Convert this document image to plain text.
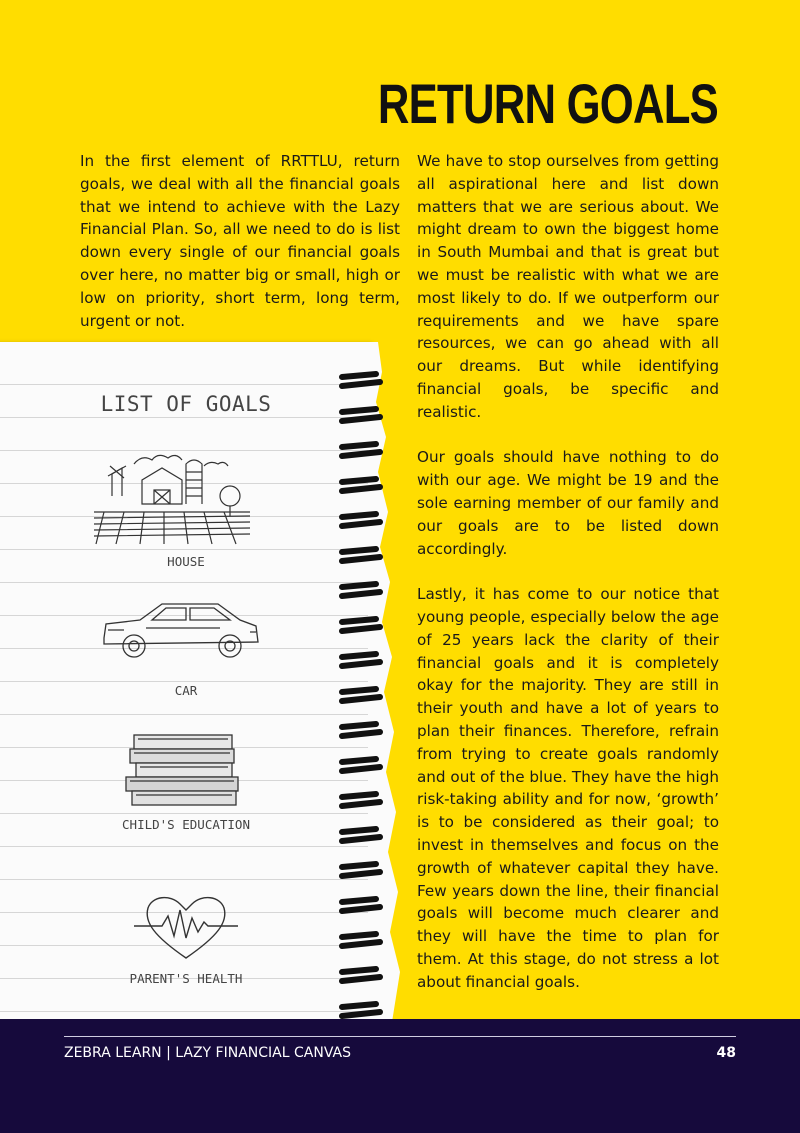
RETURN GOALS

In the first element of RRTTLU, return goals, we deal with all the financial goals that we intend to achieve with the Lazy Financial Plan. So, all we need to do is list down every single of our financial goals over here, no matter big or small, high or low on priority, short term, long term, urgent or not.

We have to stop ourselves from getting all aspirational here and list down matters that we are serious about. We might dream to own the biggest home in South Mumbai and that is great but we must be realistic with what we are most likely to do. If we outperform our requirements and we have spare resources, we can go ahead with all our dreams. But while identifying financial goals, be specific and realistic.

Our goals should have nothing to do with our age. We might be 19 and the sole earning member of our family and our goals are to be listed down accordingly.

Lastly, it has come to our notice that young people, especially below the age of 25 years lack the clarity of their financial goals and it is completely okay for the majority. They are still in their youth and have a lot of years to plan their finances. Therefore, refrain from trying to create goals randomly and out of the blue. They have the high risk-taking ability and for now, ‘growth’ is to be considered as their goal; to invest in themselves and focus on the growth of whatever capital they have. Few years down the line, their financial goals will become much clearer and they will have the time to plan for them. At this stage, do not stress a lot about financial goals.

LIST OF GOALS
HOUSE
CAR
CHILD'S EDUCATION
PARENT'S HEALTH
ZEBRA LEARN | LAZY FINANCIAL CANVAS	48
